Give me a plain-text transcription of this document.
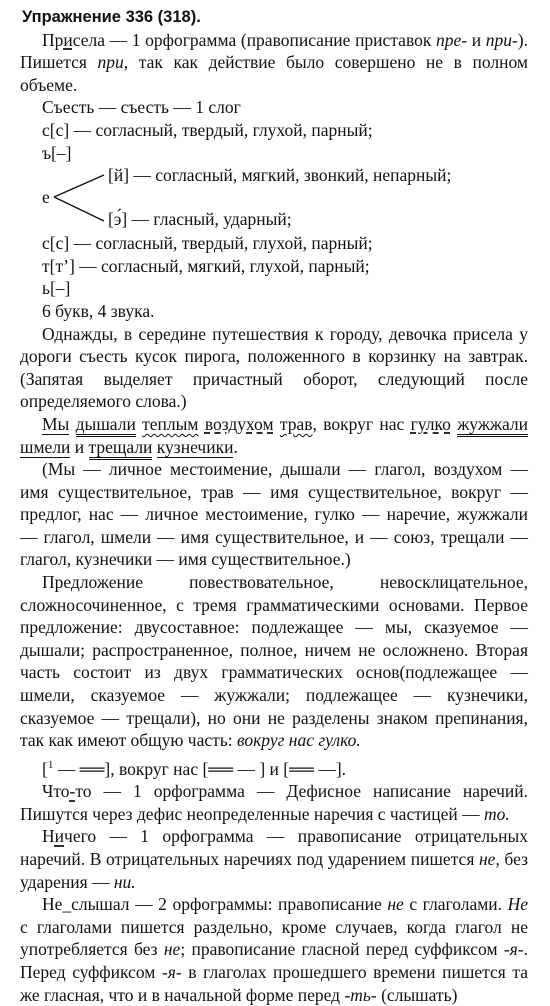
Упражнение 336 (318).

Присела — 1 орфограмма (правописание приставок пре- и при-). Пишется при, так как действие было совершено не в полном объеме.

Съесть — съесть — 1 слог

с[с] — согласный, твердый, глухой, парный;

ъ[–]

е
[й] — согласный, мягкий, звонкий, непарный;
[э́] — гласный, ударный;

с[с] — согласный, твердый, глухой, парный;

т[т’] — согласный, мягкий, глухой, парный;

ь[–]

6 букв, 4 звука.

Однажды, в середине путешествия к городу, девочка присела у дороги съесть кусок пирога, положенного в корзинку на завтрак. (Запятая выделяет причастный оборот, следующий после определяемого слова.)

Мы дышали теплым воздухом трав, вокруг нас гулко жужжали шмели и трещали кузнечики.

(Мы — личное местоимение, дышали — глагол, воздухом — имя существительное, трав — имя существительное, вокруг — предлог, нас — личное местоимение, гулко — наречие, жужжали — глагол, шмели — имя существительное, и — союз, трещали — глагол, кузнечики — имя существительное.)

Предложение повествовательное, невосклицательное, сложносочиненное, с тремя грамматическими основами. Первое предложение: двусоставное: подлежащее — мы, сказуемое — дышали; распространенное, полное, ничем не осложнено. Вторая часть состоит из двух грамматических основ(подлежащее — шмели, сказуемое — жужжали; подлежащее — кузнечики, сказуемое — трещали), но они не разделены знаком препинания, так как имеют общую часть: вокруг нас гулко.

[$^1$ — ══], вокруг нас [══ — ] и [══ —].

Что-то — 1 орфограмма — Дефисное написание наречий. Пишутся через дефис неопределенные наречия с частицей — то.

Ничего — 1 орфограмма — правописание отрицательных наречий. В отрицательных наречиях под ударением пишется не, без ударения — ни.

Не_слышал — 2 орфограммы: правописание не с глаголами. Не с глаголами пишется раздельно, кроме случаев, когда глагол не употребляется без не; правописание гласной перед суффиксом -я-. Перед суффиксом -я- в глаголах прошедшего времени пишется та же гласная, что и в начальной форме перед -ть- (слышать)
